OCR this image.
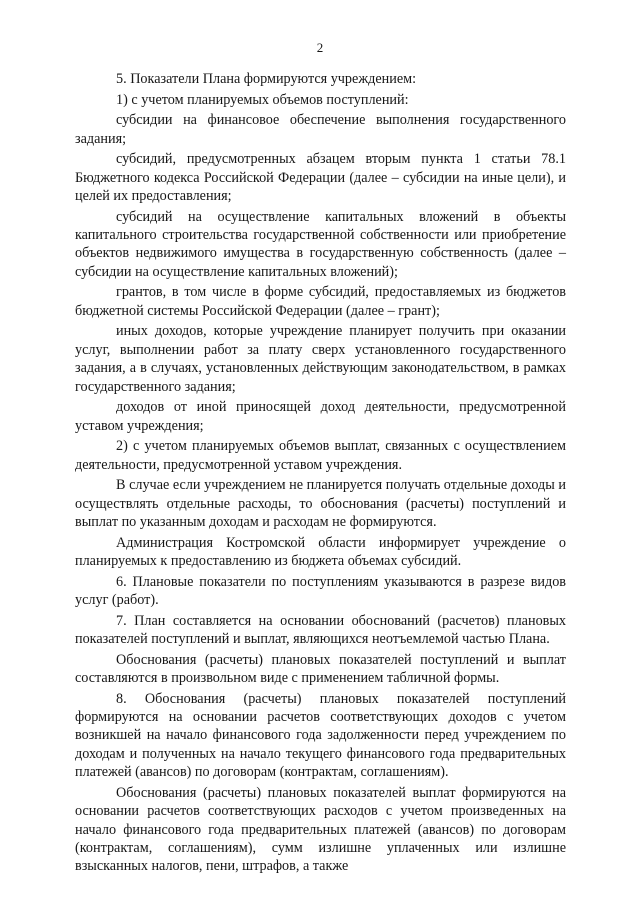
2

5. Показатели Плана формируются учреждением:

1) с учетом планируемых объемов поступлений:

субсидии на финансовое обеспечение выполнения государственного задания;

субсидий, предусмотренных абзацем вторым пункта 1 статьи 78.1 Бюджетного кодекса Российской Федерации (далее – субсидии на иные цели), и целей их предоставления;

субсидий на осуществление капитальных вложений в объекты капитального строительства государственной собственности или приобретение объектов недвижимого имущества в государственную собственность (далее – субсидии на осуществление капитальных вложений);

грантов, в том числе в форме субсидий, предоставляемых из бюджетов бюджетной системы Российской Федерации (далее – грант);

иных доходов, которые учреждение планирует получить при оказании услуг, выполнении работ за плату сверх установленного государственного задания, а в случаях, установленных действующим законодательством, в рамках государственного задания;

доходов от иной приносящей доход деятельности, предусмотренной уставом учреждения;

2) с учетом планируемых объемов выплат, связанных с осуществлением деятельности, предусмотренной уставом учреждения.

В случае если учреждением не планируется получать отдельные доходы и осуществлять отдельные расходы, то обоснования (расчеты) поступлений и выплат по указанным доходам и расходам не формируются.

Администрация Костромской области информирует учреждение о планируемых к предоставлению из бюджета объемах субсидий.

6. Плановые показатели по поступлениям указываются в разрезе видов услуг (работ).

7. План составляется на основании обоснований (расчетов) плановых показателей поступлений и выплат, являющихся неотъемлемой частью Плана.

Обоснования (расчеты) плановых показателей поступлений и выплат составляются в произвольном виде с применением табличной формы.

8. Обоснования (расчеты) плановых показателей поступлений формируются на основании расчетов соответствующих доходов с учетом возникшей на начало финансового года задолженности перед учреждением по доходам и полученных на начало текущего финансового года предварительных платежей (авансов) по договорам (контрактам, соглашениям).

Обоснования (расчеты) плановых показателей выплат формируются на основании расчетов соответствующих расходов с учетом произведенных на начало финансового года предварительных платежей (авансов) по договорам (контрактам, соглашениям), сумм излишне уплаченных или излишне взысканных налогов, пени, штрафов, а также
